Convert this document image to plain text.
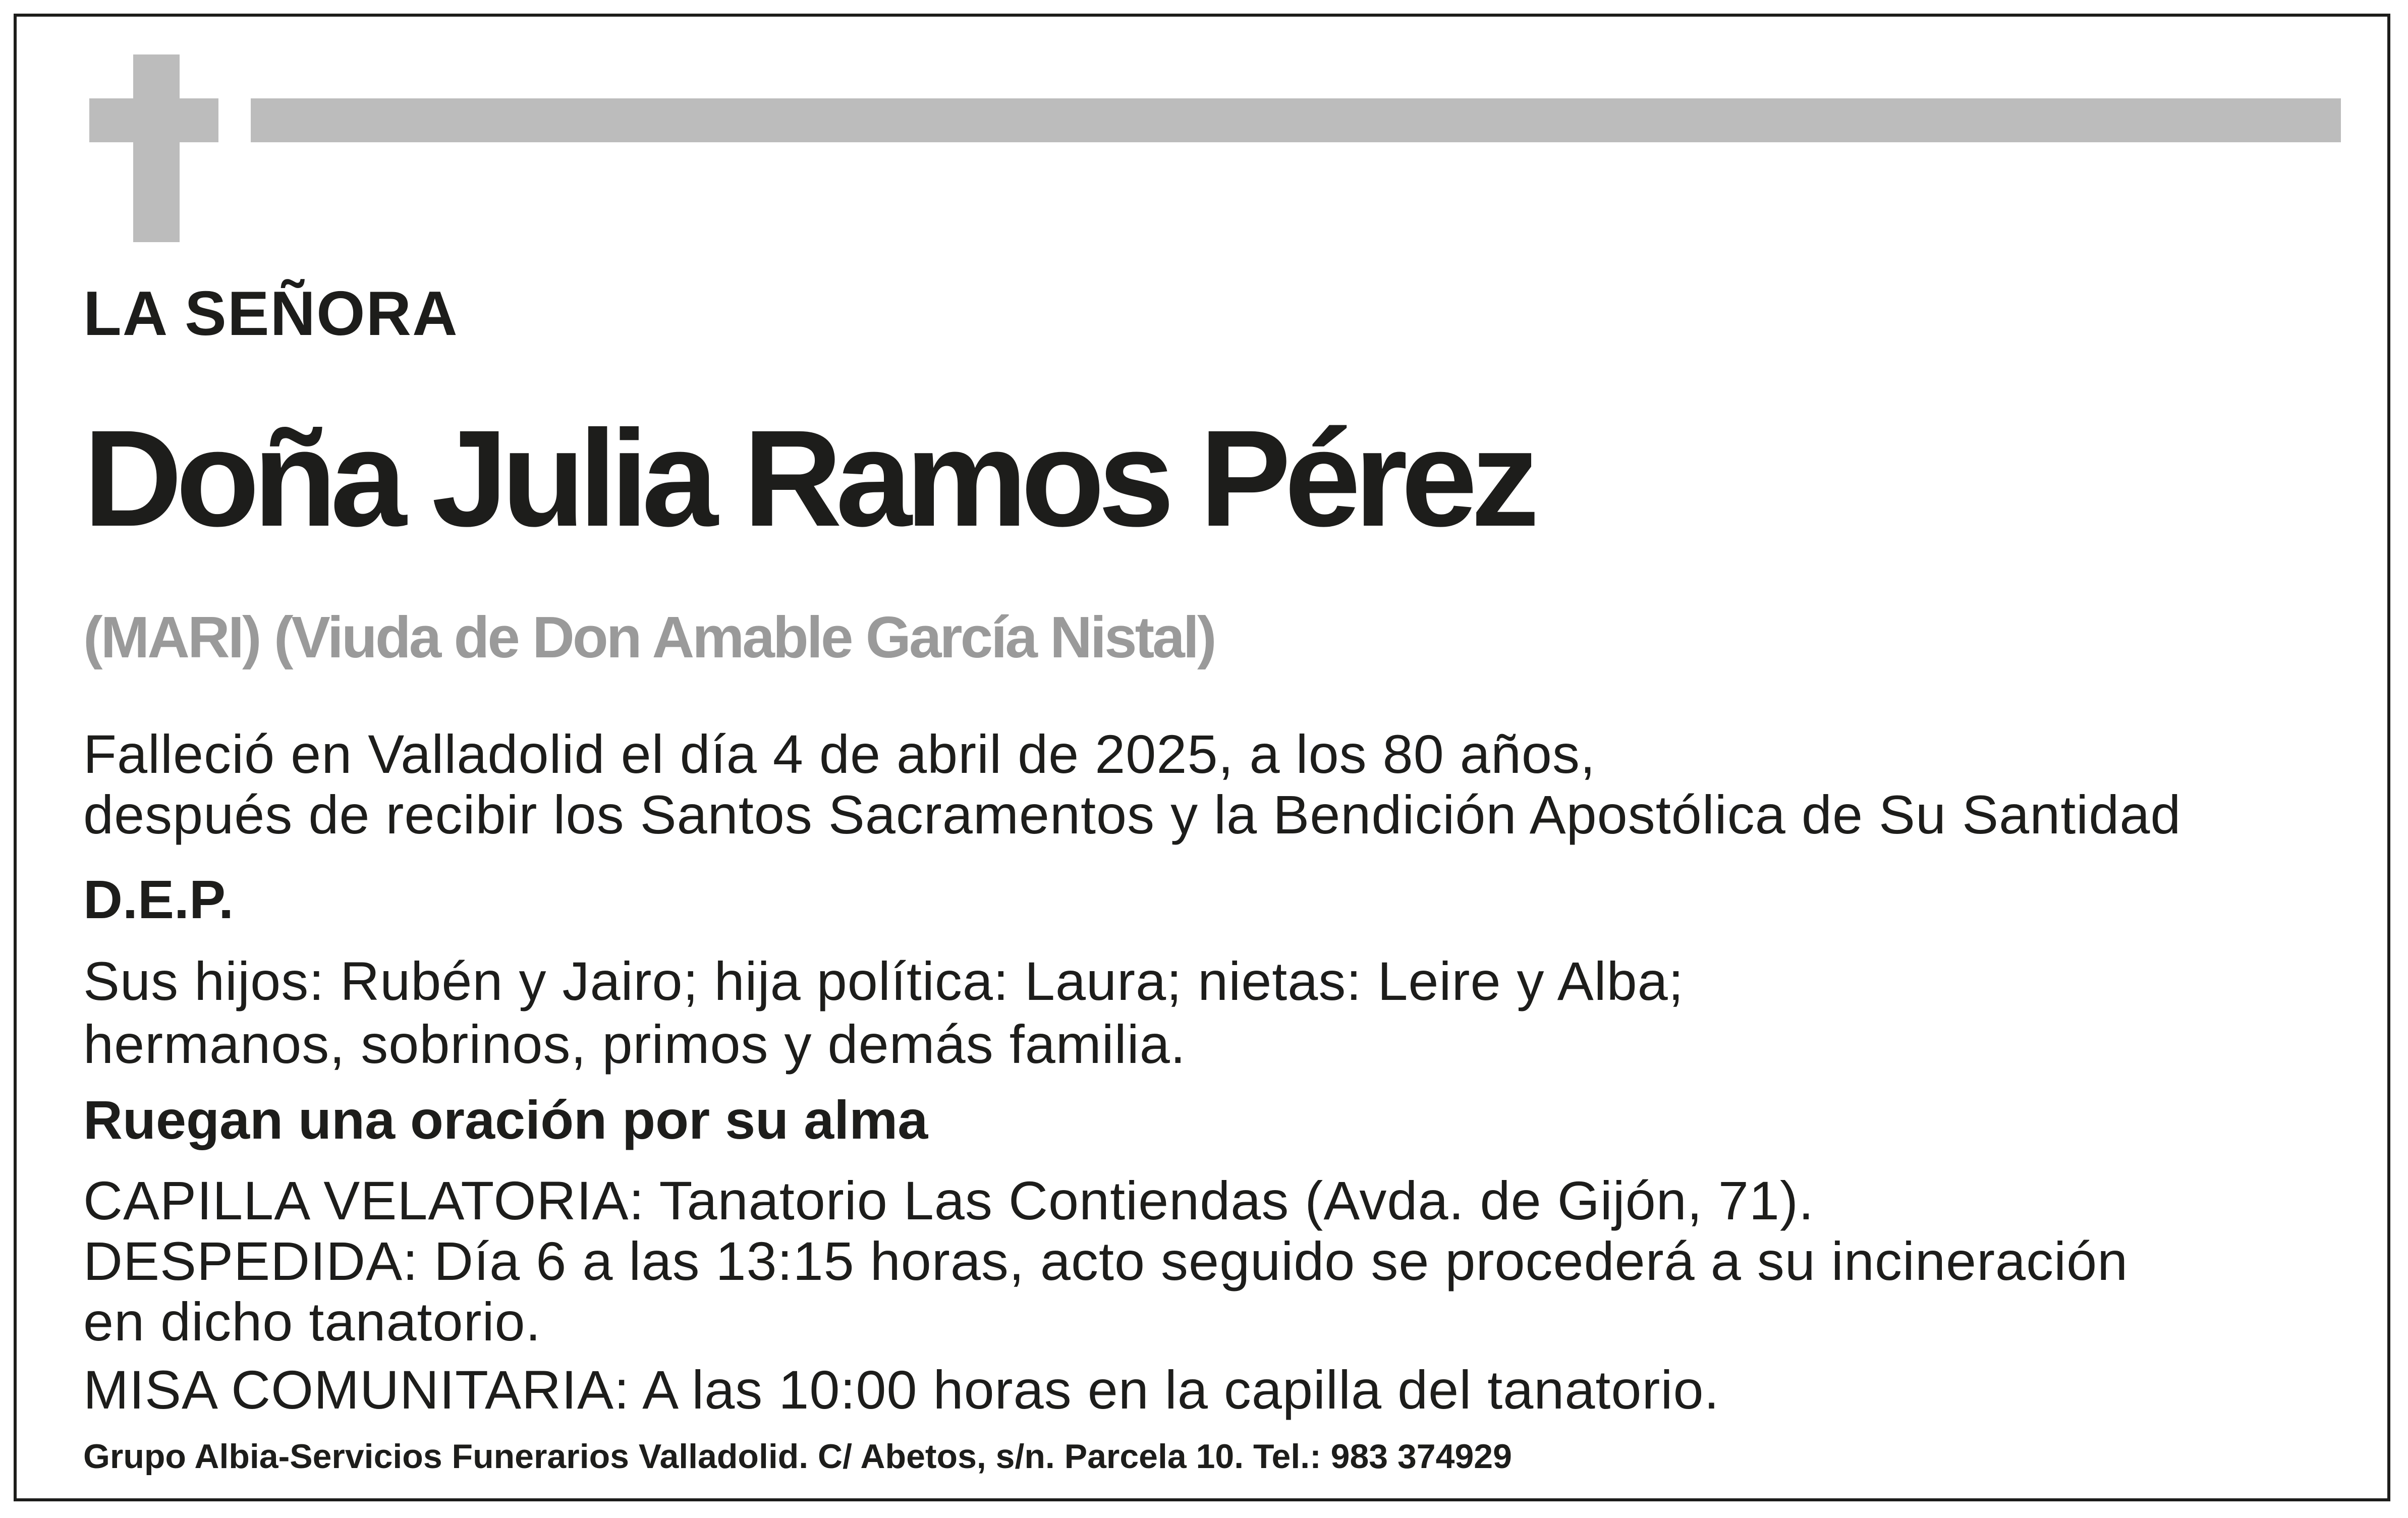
LA SEÑORA

Doña Julia Ramos Pérez

(MARI) (Viuda de Don Amable García Nistal)

Falleció en Valladolid el día 4 de abril de 2025, a los 80 años,

después de recibir los Santos Sacramentos y la Bendición Apostólica de Su Santidad

D.E.P.

Sus hijos: Rubén y Jairo; hija política: Laura; nietas: Leire y Alba;

hermanos, sobrinos, primos y demás familia.

Ruegan una oración por su alma

CAPILLA VELATORIA: Tanatorio Las Contiendas (Avda. de Gijón, 71).

DESPEDIDA: Día 6 a las 13:15 horas, acto seguido se procederá a su incineración

en dicho tanatorio.

MISA COMUNITARIA: A las 10:00 horas en la capilla del tanatorio.

Grupo Albia-Servicios Funerarios Valladolid. C/ Abetos, s/n. Parcela 10. Tel.: 983 374929
